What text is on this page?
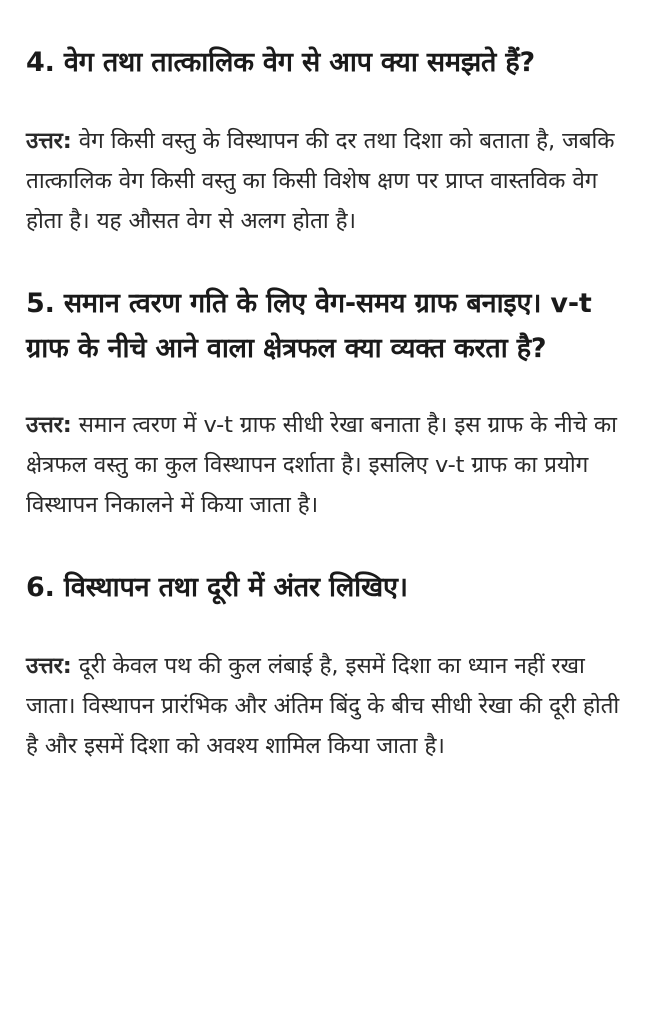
4. वेग तथा तात्कालिक वेग से आप क्या समझते हैं?

उत्तर: वेग किसी वस्तु के विस्थापन की दर तथा दिशा को बताता है, जबकि तात्कालिक वेग किसी वस्तु का किसी विशेष क्षण पर प्राप्त वास्तविक वेग होता है। यह औसत वेग से अलग होता है।

5. समान त्वरण गति के लिए वेग-समय ग्राफ बनाइए। v-t ग्राफ के नीचे आने वाला क्षेत्रफल क्या व्यक्त करता है?

उत्तर: समान त्वरण में v-t ग्राफ सीधी रेखा बनाता है। इस ग्राफ के नीचे का क्षेत्रफल वस्तु का कुल विस्थापन दर्शाता है। इसलिए v-t ग्राफ का प्रयोग विस्थापन निकालने में किया जाता है।

6. विस्थापन तथा दूरी में अंतर लिखिए।

उत्तर: दूरी केवल पथ की कुल लंबाई है, इसमें दिशा का ध्यान नहीं रखा जाता। विस्थापन प्रारंभिक और अंतिम बिंदु के बीच सीधी रेखा की दूरी होती है और इसमें दिशा को अवश्य शामिल किया जाता है।
